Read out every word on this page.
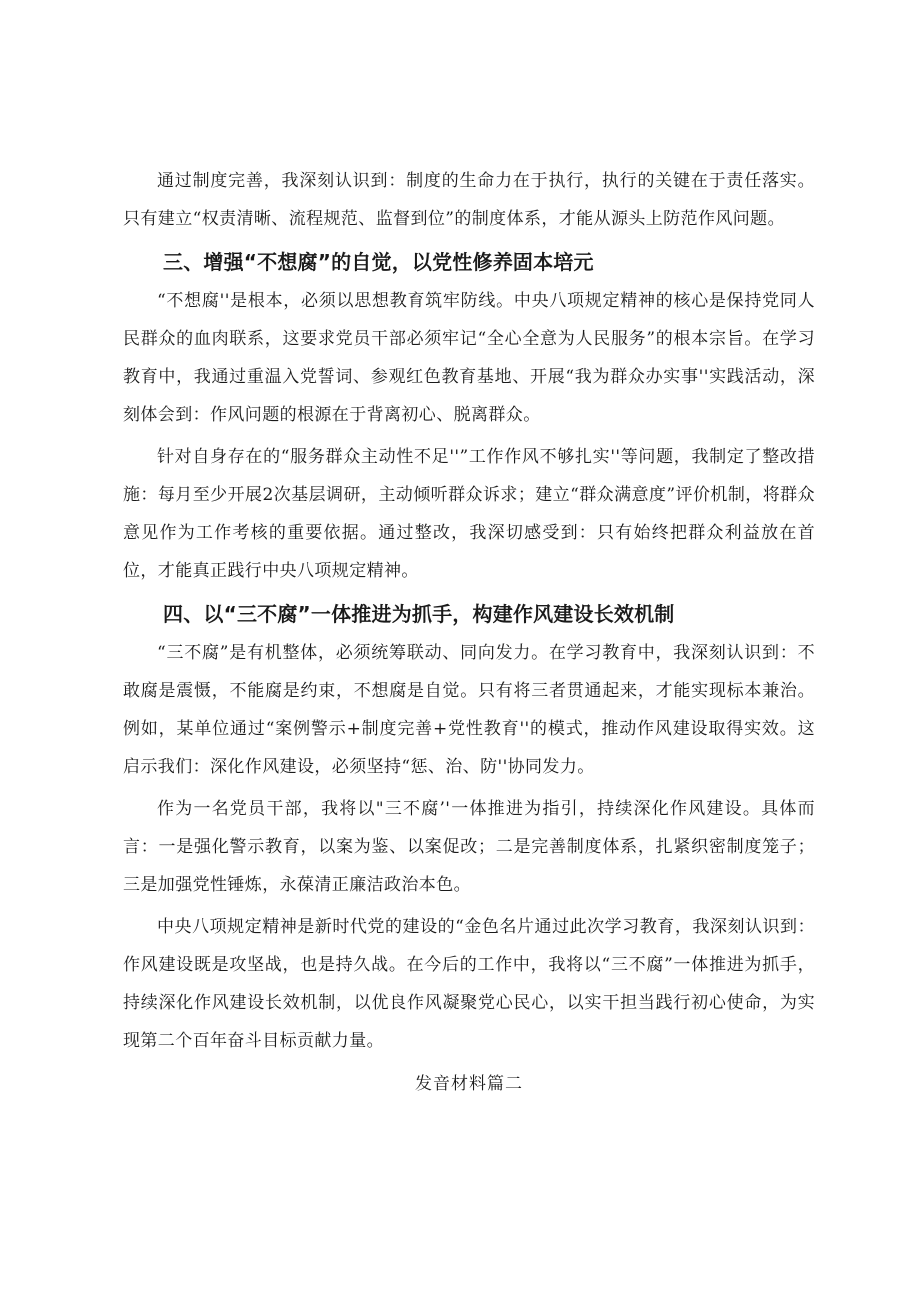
通过制度完善，我深刻认识到：制度的生命力在于执行，执行的关键在于责任落实。只有建立“权责清晰、流程规范、监督到位”的制度体系，才能从源头上防范作风问题。

三、增强“不想腐”的自觉，以党性修养固本培元

“不想腐''是根本，必须以思想教育筑牢防线。中央八项规定精神的核心是保持党同人民群众的血肉联系，这要求党员干部必须牢记“全心全意为人民服务”的根本宗旨。在学习教育中，我通过重温入党誓词、参观红色教育基地、开展“我为群众办实事''实践活动，深刻体会到：作风问题的根源在于背离初心、脱离群众。

针对自身存在的“服务群众主动性不足''”工作作风不够扎实''等问题，我制定了整改措施：每月至少开展2次基层调研，主动倾听群众诉求；建立“群众满意度”评价机制，将群众意见作为工作考核的重要依据。通过整改，我深切感受到：只有始终把群众利益放在首位，才能真正践行中央八项规定精神。

四、以“三不腐”一体推进为抓手，构建作风建设长效机制

“三不腐”是有机整体，必须统筹联动、同向发力。在学习教育中，我深刻认识到：不敢腐是震慑，不能腐是约束，不想腐是自觉。只有将三者贯通起来，才能实现标本兼治。例如，某单位通过“案例警示+制度完善+党性教育''的模式，推动作风建设取得实效。这启示我们：深化作风建设，必须坚持“惩、治、防''协同发力。

作为一名党员干部，我将以"三不腐’'一体推进为指引，持续深化作风建设。具体而言：一是强化警示教育，以案为鉴、以案促改；二是完善制度体系，扎紧织密制度笼子；三是加强党性锤炼，永葆清正廉洁政治本色。

中央八项规定精神是新时代党的建设的“金色名片通过此次学习教育，我深刻认识到：作风建设既是攻坚战，也是持久战。在今后的工作中，我将以“三不腐”一体推进为抓手，持续深化作风建设长效机制，以优良作风凝聚党心民心，以实干担当践行初心使命，为实现第二个百年奋斗目标贡献力量。

发音材料篇二
